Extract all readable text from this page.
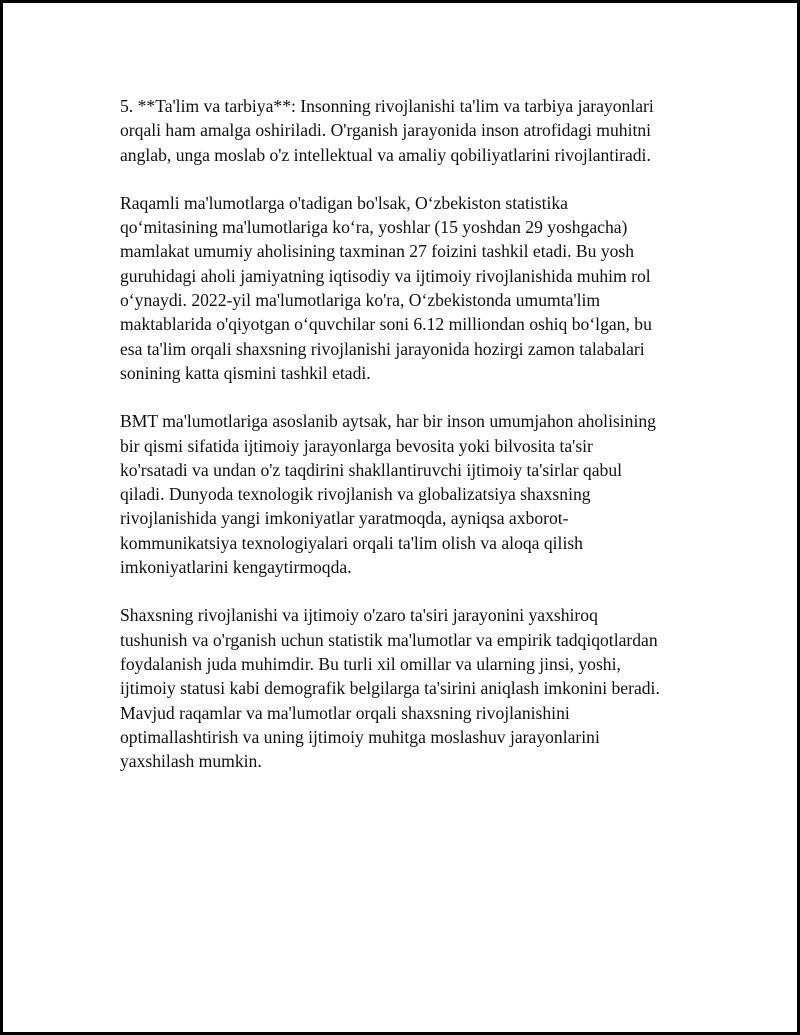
5. **Ta'lim va tarbiya**: Insonning rivojlanishi ta'lim va tarbiya jarayonlari
orqali ham amalga oshiriladi. O'rganish jarayonida inson atrofidagi muhitni
anglab, unga moslab o'z intellektual va amaliy qobiliyatlarini rivojlantiradi.

Raqamli ma'lumotlarga o'tadigan bo'lsak, O‘zbekiston statistika
qo‘mitasining ma'lumotlariga ko‘ra, yoshlar (15 yoshdan 29 yoshgacha)
mamlakat umumiy aholisining taxminan 27 foizini tashkil etadi. Bu yosh
guruhidagi aholi jamiyatning iqtisodiy va ijtimoiy rivojlanishida muhim rol
o‘ynaydi. 2022-yil ma'lumotlariga ko'ra, O‘zbekistonda umumta'lim
maktablarida o'qiyotgan o‘quvchilar soni 6.12 milliondan oshiq bo‘lgan, bu
esa ta'lim orqali shaxsning rivojlanishi jarayonida hozirgi zamon talabalari
sonining katta qismini tashkil etadi.

BMT ma'lumotlariga asoslanib aytsak, har bir inson umumjahon aholisining
bir qismi sifatida ijtimoiy jarayonlarga bevosita yoki bilvosita ta'sir
ko'rsatadi va undan o'z taqdirini shakllantiruvchi ijtimoiy ta'sirlar qabul
qiladi. Dunyoda texnologik rivojlanish va globalizatsiya shaxsning
rivojlanishida yangi imkoniyatlar yaratmoqda, ayniqsa axborot-
kommunikatsiya texnologiyalari orqali ta'lim olish va aloqa qilish
imkoniyatlarini kengaytirmoqda.

Shaxsning rivojlanishi va ijtimoiy o'zaro ta'siri jarayonini yaxshiroq
tushunish va o'rganish uchun statistik ma'lumotlar va empirik tadqiqotlardan
foydalanish juda muhimdir. Bu turli xil omillar va ularning jinsi, yoshi,
ijtimoiy statusi kabi demografik belgilarga ta'sirini aniqlash imkonini beradi.
Mavjud raqamlar va ma'lumotlar orqali shaxsning rivojlanishini
optimallashtirish va uning ijtimoiy muhitga moslashuv jarayonlarini
yaxshilash mumkin.
